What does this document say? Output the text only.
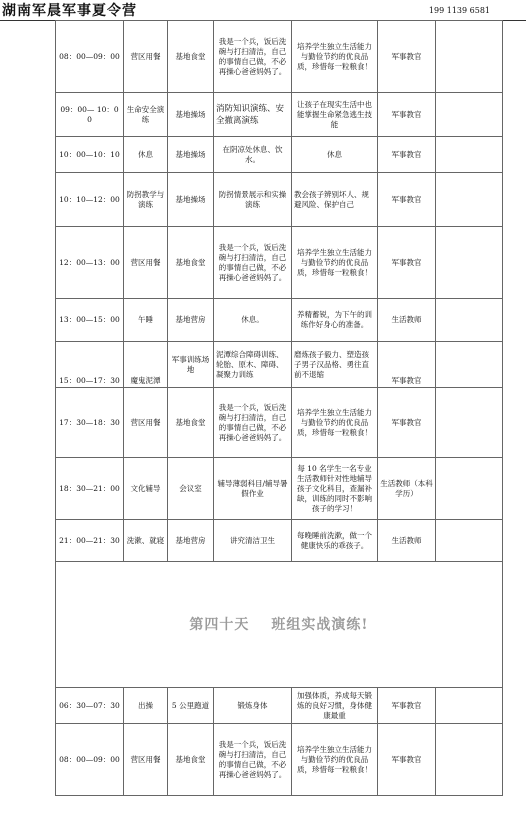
湖南军晨军事夏令营	199 1139 6581
08：00—09：00	营区用餐	基地食堂	我是一个兵，饭后洗碗与打扫清洁，自己的事情自己做，不必再操心爸爸妈妈了。	培养学生独立生活能力与勤俭节约的优良品质，珍惜每一粒粮食！	军事教官	
09：00— 10：00	生命安全演练	基地操场	消防知识演练、安全撤离演练	让孩子在现实生活中也能掌握生命紧急逃生技能	军事教官	
10：00—10：10	休息	基地操场	在阴凉处休息、饮水。	休息	军事教官	
10：10—12：00	防拐教学与演练	基地操场	防拐情景展示和实操演练	教会孩子辨别坏人、规避风险、保护自己	军事教官	
12：00—13：00	营区用餐	基地食堂	我是一个兵，饭后洗碗与打扫清洁，自己的事情自己做，不必再操心爸爸妈妈了。	培养学生独立生活能力与勤俭节约的优良品质，珍惜每一粒粮食！	军事教官	
13：00—15：00	午睡	基地营房	休息。	养精蓄锐，为下午的训练作好身心的准备。	生活教师	
15：00—17：30	魔鬼泥潭	军事训练场地	泥潭综合障碍训练、轮胎、原木、障碍、凝聚力训练	磨炼孩子毅力、塑造孩子男子汉品格、勇往直前不退缩	军事教官	
17：30—18：30	营区用餐	基地食堂	我是一个兵，饭后洗碗与打扫清洁，自己的事情自己做，不必再操心爸爸妈妈了。	培养学生独立生活能力与勤俭节约的优良品质，珍惜每一粒粮食！	军事教官	
18：30—21：00	文化辅导	会议室	辅导薄弱科目/辅导暑假作业	每 10 名学生一名专业生活教师针对性地辅导孩子文化科目，查漏补缺，训练的同时不影响孩子的学习！	生活教师（本科学历）	
21：00—21：30	洗漱、就寝	基地营房	讲究清洁卫生	每晚睡前洗漱，做一个健康快乐的乖孩子。	生活教师	

第四十天 班组实战演练!						

06：30—07：30	出操	5 公里跑道	锻炼身体	加强体质，养成每天锻炼的良好习惯，身体健康最重	军事教官	
08：00—09：00	营区用餐	基地食堂	我是一个兵，饭后洗碗与打扫清洁，自己的事情自己做，不必再操心爸爸妈妈了。	培养学生独立生活能力与勤俭节约的优良品质，珍惜每一粒粮食！	军事教官	
